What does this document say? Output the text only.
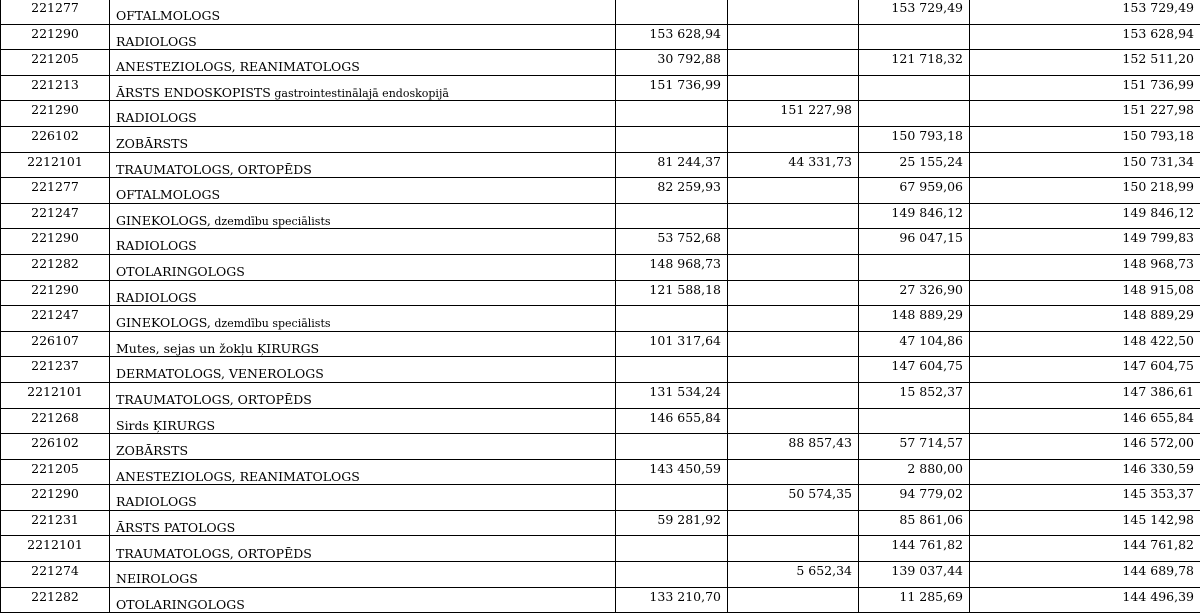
221277	OFTALMOLOGS			153 729,49	153 729,49
221290	RADIOLOGS	153 628,94			153 628,94
221205	ANESTEZIOLOGS, REANIMATOLOGS	30 792,88		121 718,32	152 511,20
221213	ĀRSTS ENDOSKOPISTS gastrointestinālajā endoskopijā	151 736,99			151 736,99
221290	RADIOLOGS		151 227,98		151 227,98
226102	ZOBĀRSTS			150 793,18	150 793,18
2212101	TRAUMATOLOGS, ORTOPĒDS	81 244,37	44 331,73	25 155,24	150 731,34
221277	OFTALMOLOGS	82 259,93		67 959,06	150 218,99
221247	GINEKOLOGS, dzemdību speciālists			149 846,12	149 846,12
221290	RADIOLOGS	53 752,68		96 047,15	149 799,83
221282	OTOLARINGOLOGS	148 968,73			148 968,73
221290	RADIOLOGS	121 588,18		27 326,90	148 915,08
221247	GINEKOLOGS, dzemdību speciālists			148 889,29	148 889,29
226107	Mutes, sejas un žokļu ĶIRURGS	101 317,64		47 104,86	148 422,50
221237	DERMATOLOGS, VENEROLOGS			147 604,75	147 604,75
2212101	TRAUMATOLOGS, ORTOPĒDS	131 534,24		15 852,37	147 386,61
221268	Sirds ĶIRURGS	146 655,84			146 655,84
226102	ZOBĀRSTS		88 857,43	57 714,57	146 572,00
221205	ANESTEZIOLOGS, REANIMATOLOGS	143 450,59		2 880,00	146 330,59
221290	RADIOLOGS		50 574,35	94 779,02	145 353,37
221231	ĀRSTS PATOLOGS	59 281,92		85 861,06	145 142,98
2212101	TRAUMATOLOGS, ORTOPĒDS			144 761,82	144 761,82
221274	NEIROLOGS		5 652,34	139 037,44	144 689,78
221282	OTOLARINGOLOGS	133 210,70		11 285,69	144 496,39
